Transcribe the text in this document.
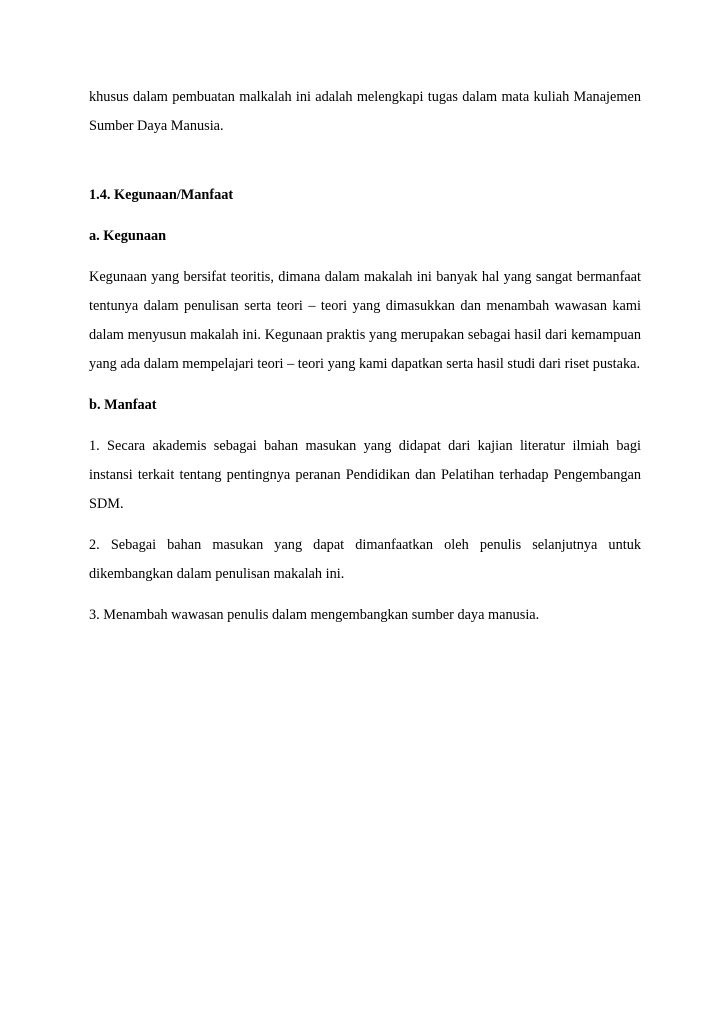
khusus dalam pembuatan malkalah ini adalah melengkapi tugas dalam mata kuliah Manajemen Sumber Daya Manusia.

1.4. Kegunaan/Manfaat
a. Kegunaan

Kegunaan yang bersifat teoritis, dimana dalam makalah ini banyak hal yang sangat bermanfaat tentunya dalam penulisan serta teori – teori yang dimasukkan dan menambah wawasan kami dalam menyusun makalah ini. Kegunaan praktis yang merupakan sebagai hasil dari kemampuan yang ada dalam mempelajari teori – teori yang kami dapatkan serta hasil studi dari riset pustaka.

b. Manfaat

1. Secara akademis sebagai bahan masukan yang didapat dari kajian literatur ilmiah bagi instansi terkait tentang pentingnya peranan Pendidikan dan Pelatihan terhadap Pengembangan SDM.

2. Sebagai bahan masukan yang dapat dimanfaatkan oleh penulis selanjutnya untuk dikembangkan dalam penulisan makalah ini.

3. Menambah wawasan penulis dalam mengembangkan sumber daya manusia.
